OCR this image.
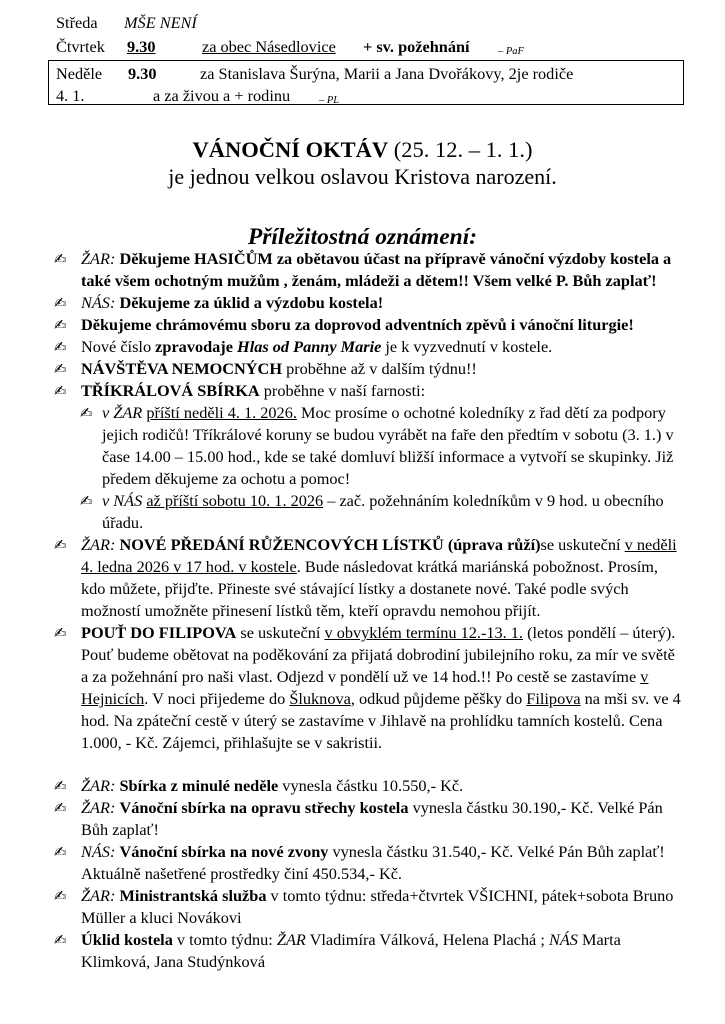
Středa MŠE NENÍ
Čtvrtek 9.30	za obec Násedlovice + sv. požehnání	– PaF
Neděle 9.30	za Stanislava Šurýna, Marii a Jana Dvořákovy, 2je rodiče
4. 1.	a za živou a + rodinu	– PL
VÁNOČNÍ OKTÁV (25. 12. – 1. 1.)
je jednou velkou oslavou Kristova narození.
Příležitostná oznámení:

✍ ŽAR: Děkujeme HASIČŮM za obětavou účast na přípravě vánoční výzdoby kostela a také všem ochotným mužům , ženám, mládeži a dětem!! Všem velké P. Bůh zaplať!

✍ NÁS: Děkujeme za úklid a výzdobu kostela!

✍ Děkujeme chrámovému sboru za doprovod adventních zpěvů i vánoční liturgie!

✍ Nové číslo zpravodaje Hlas od Panny Marie je k vyzvednutí v kostele.

✍ NÁVŠTĚVA NEMOCNÝCH proběhne až v dalším týdnu!!

✍ TŘÍKRÁLOVÁ SBÍRKA proběhne v naší farnosti:

✍ v ŽAR příští neděli 4. 1. 2026. Moc prosíme o ochotné koledníky z řad dětí za podpory jejich rodičů! Tříkrálové koruny se budou vyrábět na faře den předtím v sobotu (3. 1.) v čase 14.00 – 15.00 hod., kde se také domluví bližší informace a vytvoří se skupinky. Již předem děkujeme za ochotu a pomoc!

✍ v NÁS až příští sobotu 10. 1. 2026 – zač. požehnáním koledníkům v 9 hod. u obecního úřadu.

✍ ŽAR: NOVÉ PŘEDÁNÍ RŮŽENCOVÝCH LÍSTKŮ (úprava růží)se uskuteční v neděli 4. ledna 2026 v 17 hod. v kostele. Bude následovat krátká mariánská pobožnost. Prosím, kdo můžete, přijďte. Přineste své stávající lístky a dostanete nové. Také podle svých možností umožněte přinesení lístků těm, kteří opravdu nemohou přijít.

✍ POUŤ DO FILIPOVA se uskuteční v obvyklém termínu 12.-13. 1. (letos pondělí – úterý). Pouť budeme obětovat na poděkování za přijatá dobrodiní jubilejního roku, za mír ve světě a za požehnání pro naši vlast. Odjezd v pondělí už ve 14 hod.!! Po cestě se zastavíme v Hejnicích. V noci přijedeme do Šluknova, odkud půjdeme pěšky do Filipova na mši sv. ve 4 hod. Na zpáteční cestě v úterý se zastavíme v Jihlavě na prohlídku tamních kostelů. Cena 1.000, - Kč. Zájemci, přihlašujte se v sakristii.

✍ ŽAR: Sbírka z minulé neděle vynesla částku 10.550,- Kč.

✍ ŽAR: Vánoční sbírka na opravu střechy kostela vynesla částku 30.190,- Kč. Velké Pán Bůh zaplať!

✍ NÁS: Vánoční sbírka na nové zvony vynesla částku 31.540,- Kč. Velké Pán Bůh zaplať! Aktuálně našetřené prostředky činí 450.534,- Kč.

✍ ŽAR: Ministrantská služba v tomto týdnu: středa+čtvrtek VŠICHNI, pátek+sobota Bruno Müller a kluci Novákovi

✍ Úklid kostela v tomto týdnu: ŽAR Vladimíra Válková, Helena Plachá ; NÁS Marta Klimková, Jana Studýnková
